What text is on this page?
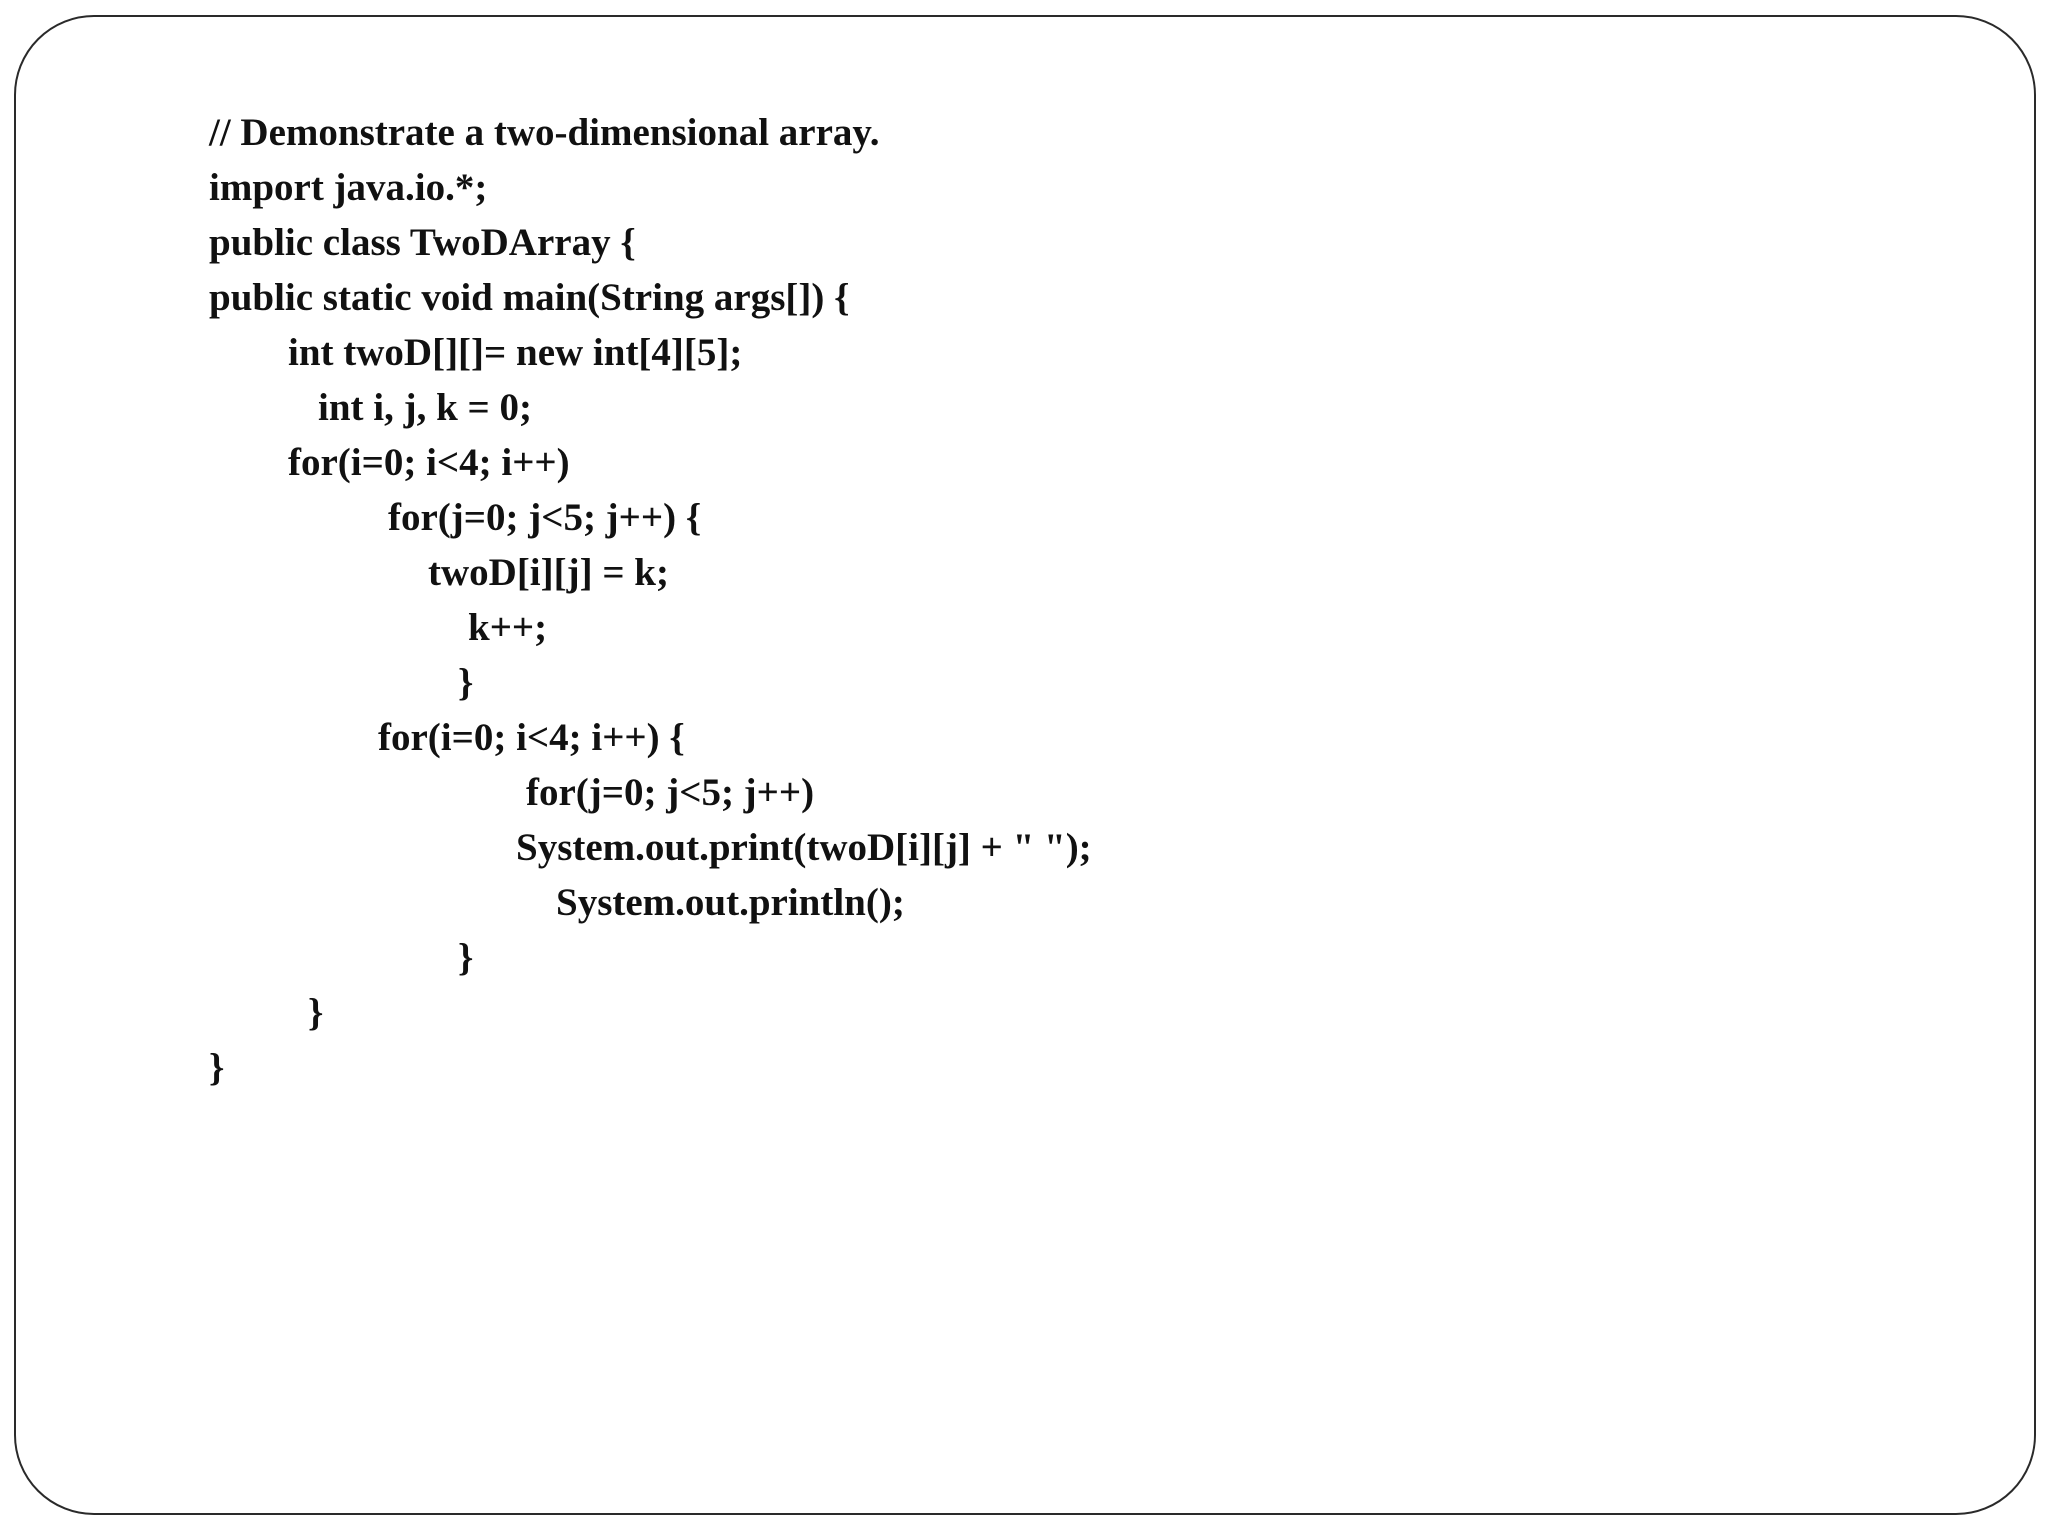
// Demonstrate a two-dimensional array.
import java.io.*;
public class TwoDArray {
public static void main(String args[]) {
int twoD[][]= new int[4][5];
int i, j, k = 0;
for(i=0; i<4; i++)
for(j=0; j<5; j++) {
twoD[i][j] = k;
k++;
}
for(i=0; i<4; i++) {
for(j=0; j<5; j++)
System.out.print(twoD[i][j] + " ");
System.out.println();
}
}
}
